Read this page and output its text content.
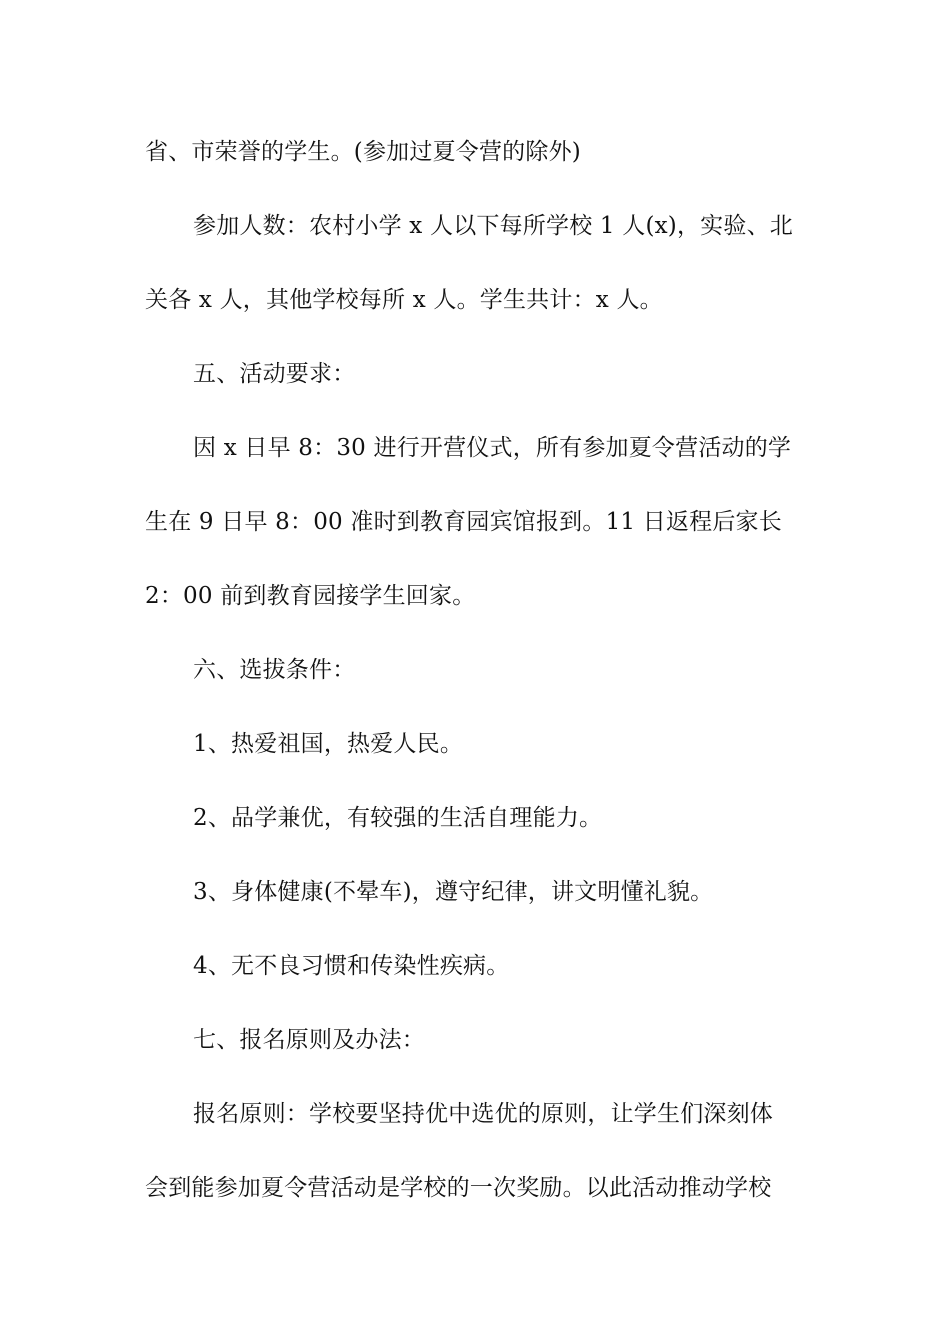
省、市荣誉的学生。(参加过夏令营的除外)
参加人数：农村小学 x 人以下每所学校 1 人(x)，实验、北
关各 x 人，其他学校每所 x 人。学生共计：x 人。
五、活动要求：
因 x 日早 8：30 进行开营仪式，所有参加夏令营活动的学
生在 9 日早 8：00 准时到教育园宾馆报到。11 日返程后家长
2：00 前到教育园接学生回家。
六、选拔条件：
1、热爱祖国，热爱人民。
2、品学兼优，有较强的生活自理能力。
3、身体健康(不晕车)，遵守纪律，讲文明懂礼貌。
4、无不良习惯和传染性疾病。
七、报名原则及办法：
报名原则：学校要坚持优中选优的原则，让学生们深刻体
会到能参加夏令营活动是学校的一次奖励。以此活动推动学校
